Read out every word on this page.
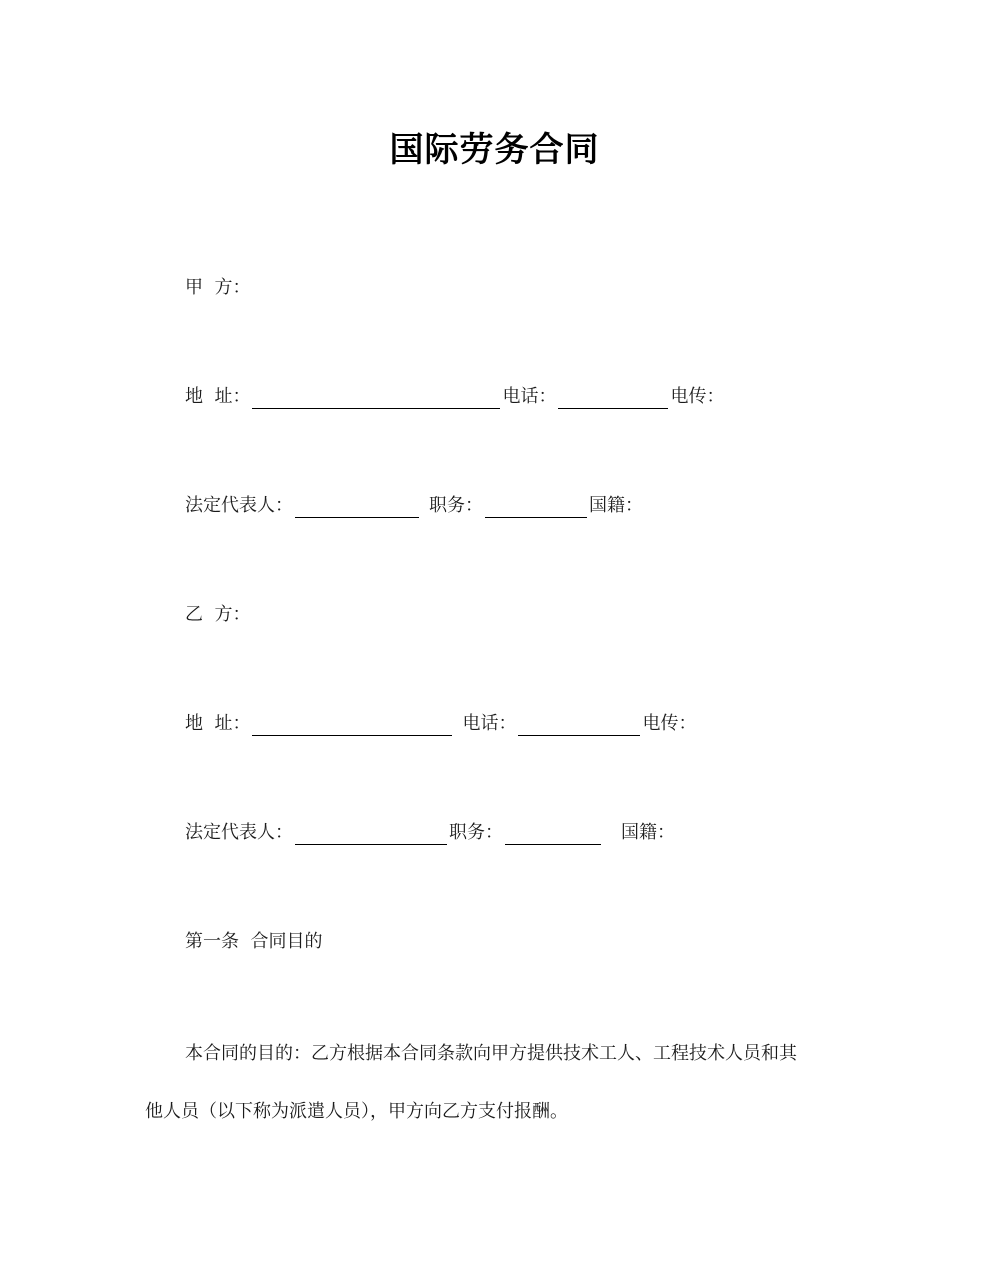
国际劳务合同
甲  方：
地  址：	电话：	电传：
法定代表人：	职务：	国籍：
乙  方：
地  址：	电话：	电传：
法定代表人：	职务：	国籍：
第一条  合同目的
本合同的目的：乙方根据本合同条款向甲方提供技术工人、工程技术人员和其
他人员（以下称为派遣人员），甲方向乙方支付报酬。
